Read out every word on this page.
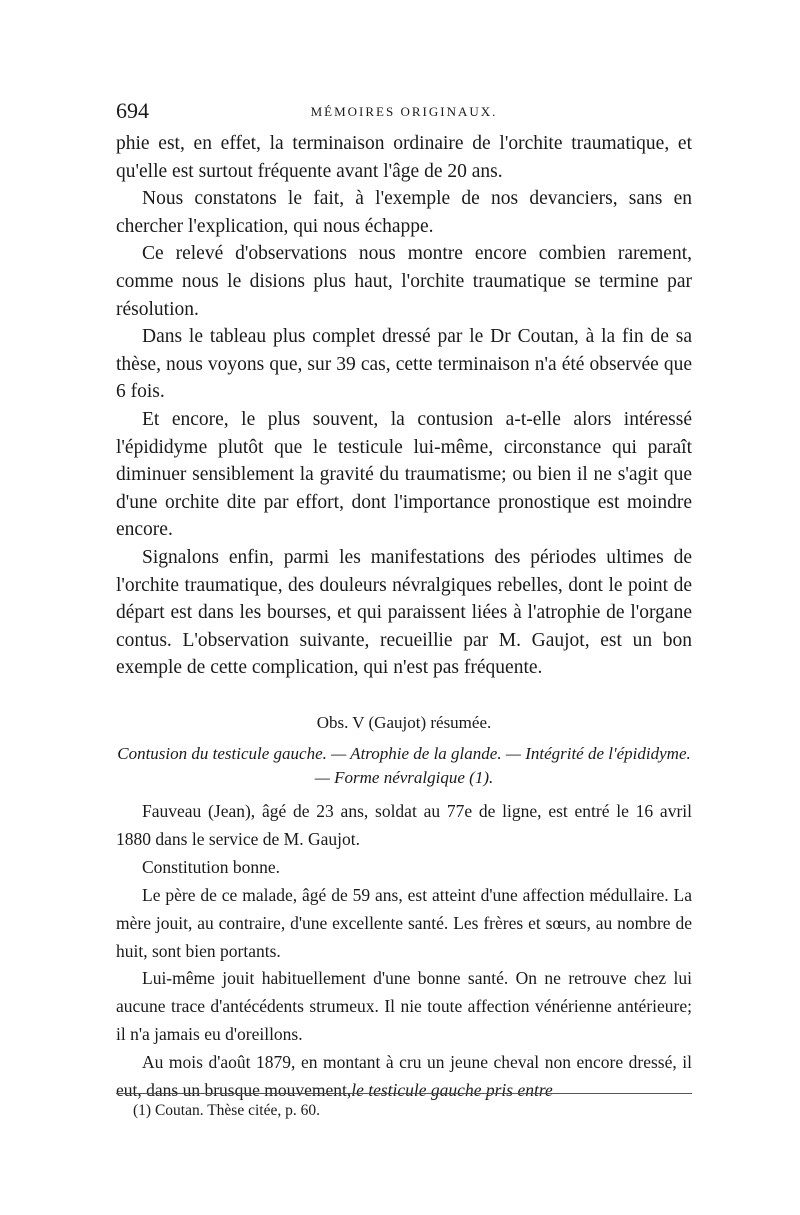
694	MÉMOIRES ORIGINAUX.

phie est, en effet, la terminaison ordinaire de l'orchite traumatique, et qu'elle est surtout fréquente avant l'âge de 20 ans.

Nous constatons le fait, à l'exemple de nos devanciers, sans en chercher l'explication, qui nous échappe.

Ce relevé d'observations nous montre encore combien rarement, comme nous le disions plus haut, l'orchite traumatique se termine par résolution.

Dans le tableau plus complet dressé par le Dr Coutan, à la fin de sa thèse, nous voyons que, sur 39 cas, cette terminaison n'a été observée que 6 fois.

Et encore, le plus souvent, la contusion a-t-elle alors intéressé l'épididyme plutôt que le testicule lui-même, circonstance qui paraît diminuer sensiblement la gravité du traumatisme; ou bien il ne s'agit que d'une orchite dite par effort, dont l'importance pronostique est moindre encore.

Signalons enfin, parmi les manifestations des périodes ultimes de l'orchite traumatique, des douleurs névralgiques rebelles, dont le point de départ est dans les bourses, et qui paraissent liées à l'atrophie de l'organe contus. L'observation suivante, recueillie par M. Gaujot, est un bon exemple de cette complication, qui n'est pas fréquente.

Obs. V (Gaujot) résumée.
Contusion du testicule gauche. — Atrophie de la glande. — Intégrité de l'épididyme. — Forme névralgique (1).

Fauveau (Jean), âgé de 23 ans, soldat au 77e de ligne, est entré le 16 avril 1880 dans le service de M. Gaujot.

Constitution bonne.

Le père de ce malade, âgé de 59 ans, est atteint d'une affection médullaire. La mère jouit, au contraire, d'une excellente santé. Les frères et sœurs, au nombre de huit, sont bien portants.

Lui-même jouit habituellement d'une bonne santé. On ne retrouve chez lui aucune trace d'antécédents strumeux. Il nie toute affection vénérienne antérieure; il n'a jamais eu d'oreillons.

Au mois d'août 1879, en montant à cru un jeune cheval non encore dressé, il eut, dans un brusque mouvement,le testicule gauche pris entre

(1) Coutan. Thèse citée, p. 60.
